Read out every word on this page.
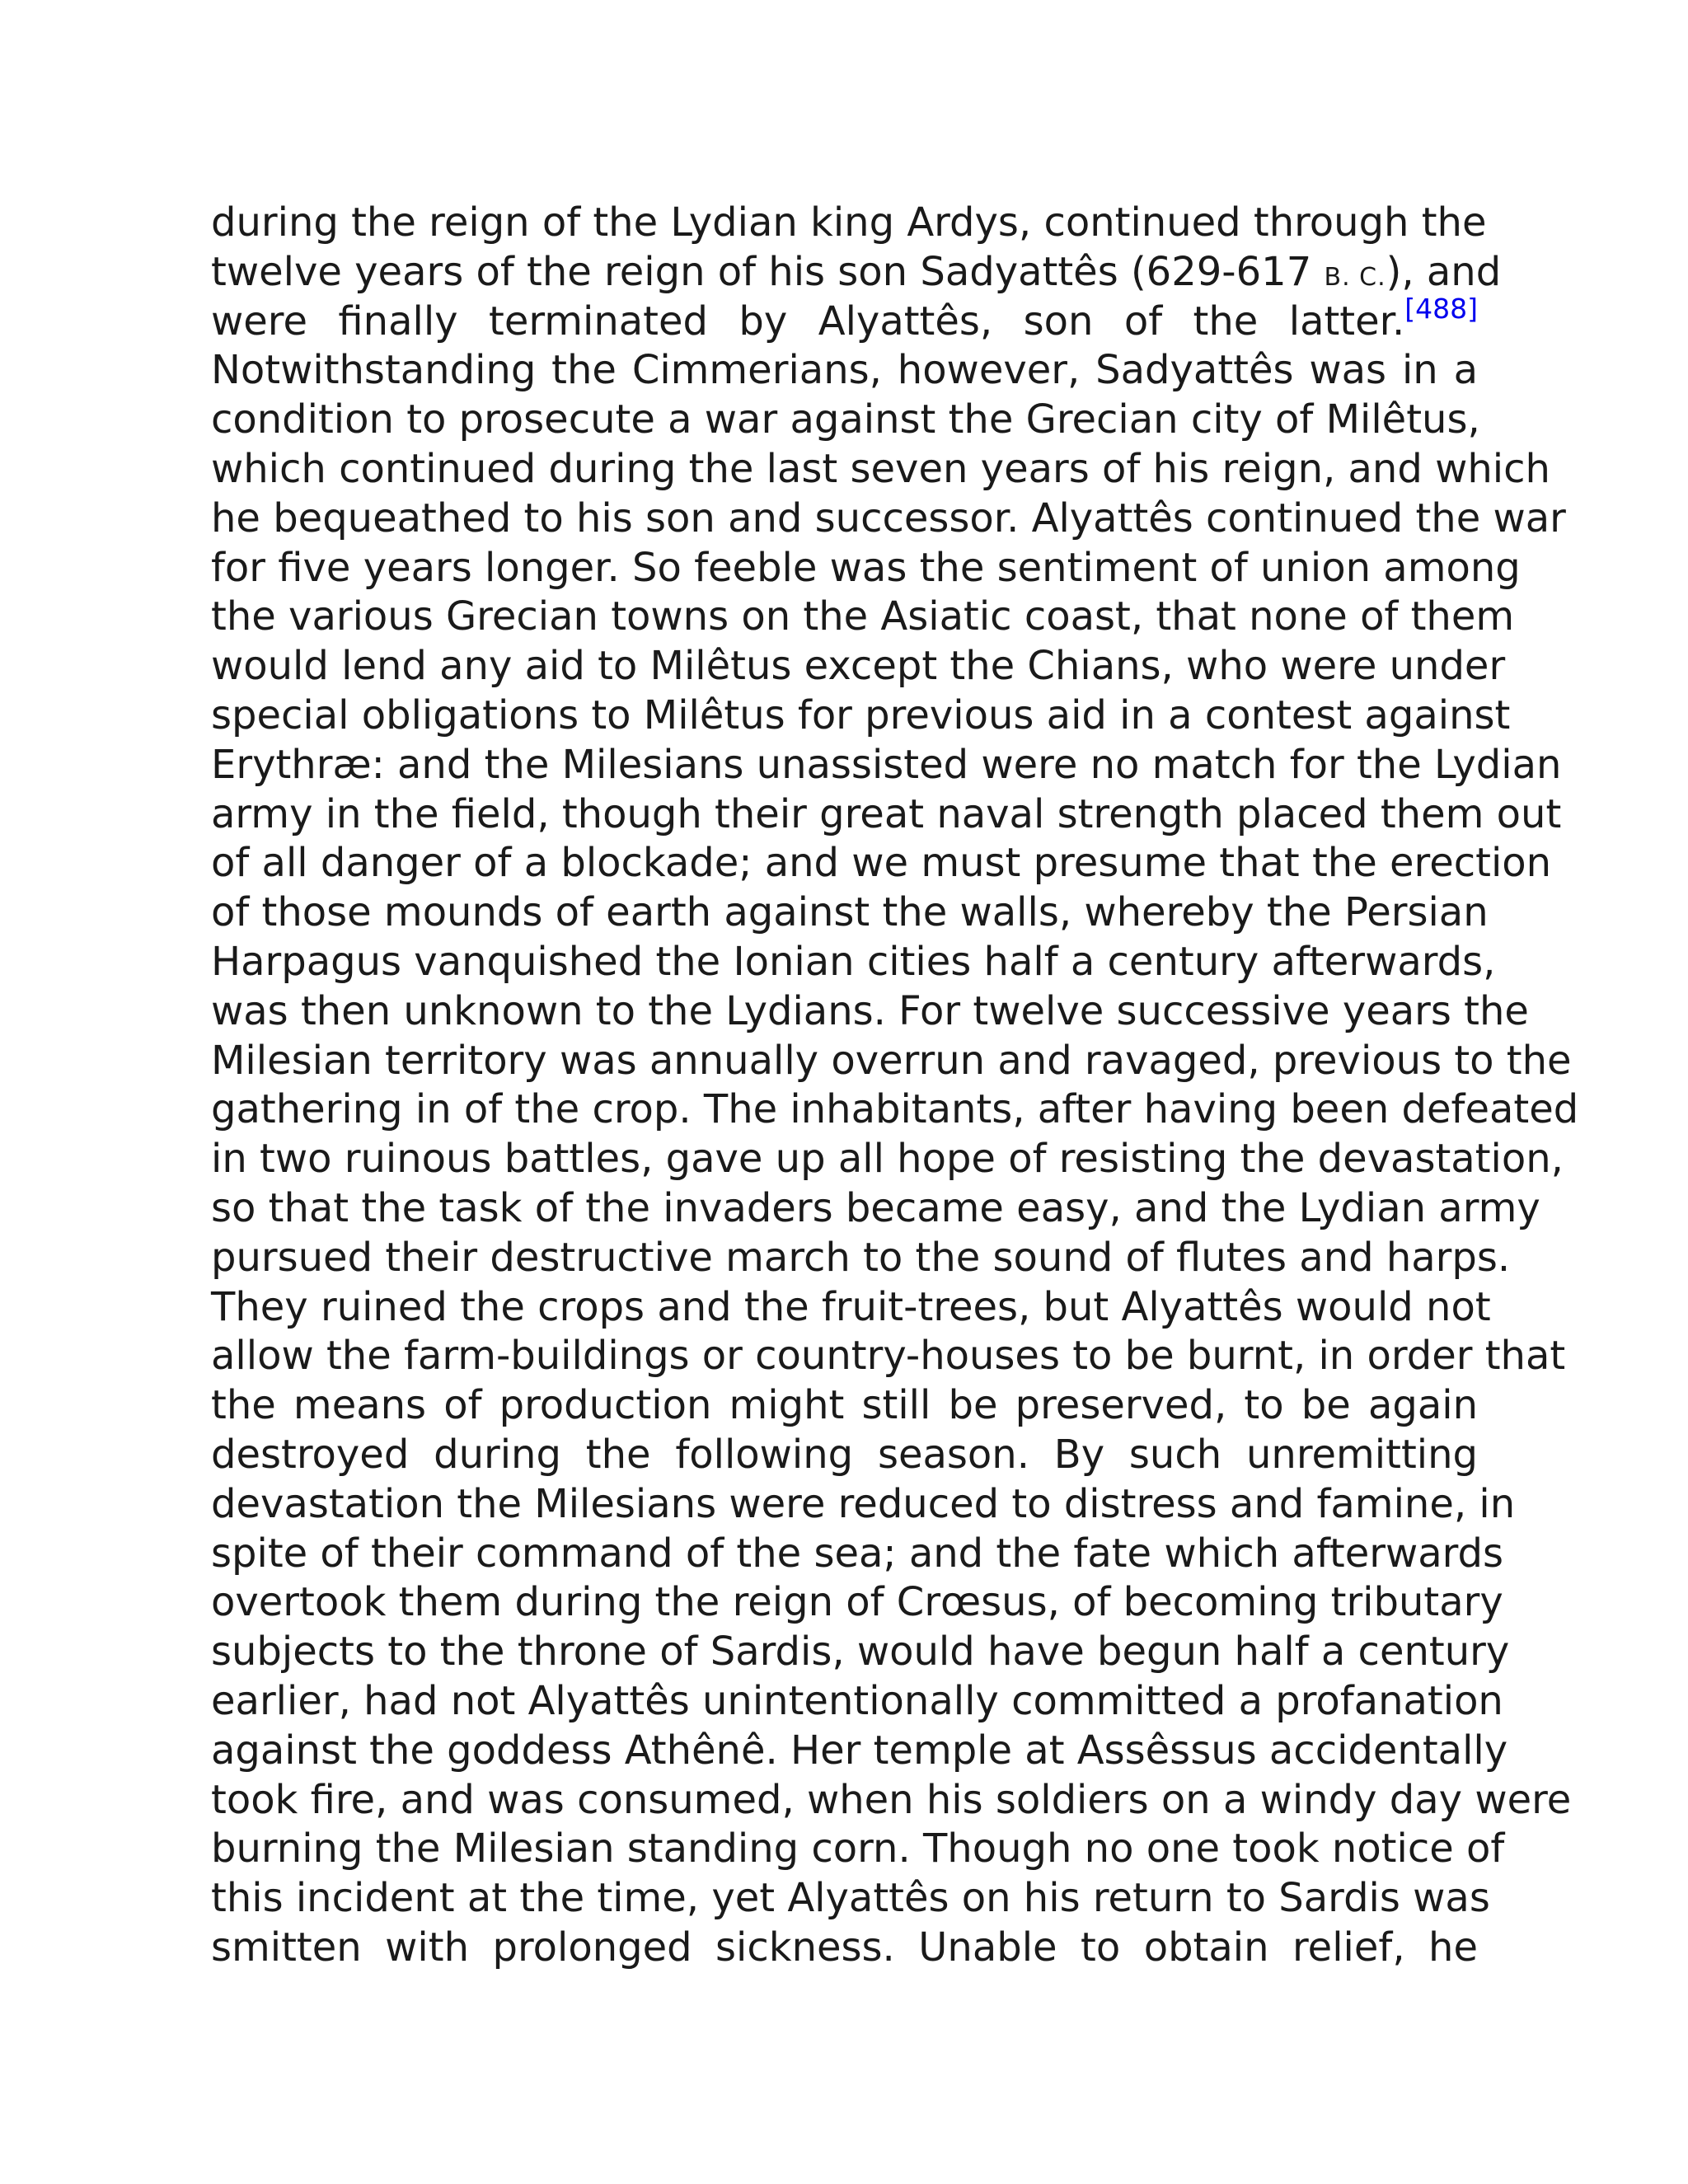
during the reign of the Lydian king Ardys, continued through the
twelve years of the reign of his son Sadyattês (629-617 B. C.), and
were finally terminated by Alyattês, son of the latter.[488]
Notwithstanding the Cimmerians, however, Sadyattês was in a
condition to prosecute a war against the Grecian city of Milêtus,
which continued during the last seven years of his reign, and which
he bequeathed to his son and successor. Alyattês continued the war
for five years longer. So feeble was the sentiment of union among
the various Grecian towns on the Asiatic coast, that none of them
would lend any aid to Milêtus except the Chians, who were under
special obligations to Milêtus for previous aid in a contest against
Erythræ: and the Milesians unassisted were no match for the Lydian
army in the field, though their great naval strength placed them out
of all danger of a blockade; and we must presume that the erection
of those mounds of earth against the walls, whereby the Persian
Harpagus vanquished the Ionian cities half a century afterwards,
was then unknown to the Lydians. For twelve successive years the
Milesian territory was annually overrun and ravaged, previous to the
gathering in of the crop. The inhabitants, after having been defeated
in two ruinous battles, gave up all hope of resisting the devastation,
so that the task of the invaders became easy, and the Lydian army
pursued their destructive march to the sound of flutes and harps.
They ruined the crops and the fruit-trees, but Alyattês would not
allow the farm-buildings or country-houses to be burnt, in order that
the means of production might still be preserved, to be again
destroyed during the following season. By such unremitting
devastation the Milesians were reduced to distress and famine, in
spite of their command of the sea; and the fate which afterwards
overtook them during the reign of Crœsus, of becoming tributary
subjects to the throne of Sardis, would have begun half a century
earlier, had not Alyattês unintentionally committed a profanation
against the goddess Athênê. Her temple at Assêssus accidentally
took fire, and was consumed, when his soldiers on a windy day were
burning the Milesian standing corn. Though no one took notice of
this incident at the time, yet Alyattês on his return to Sardis was
smitten with prolonged sickness. Unable to obtain relief, he
